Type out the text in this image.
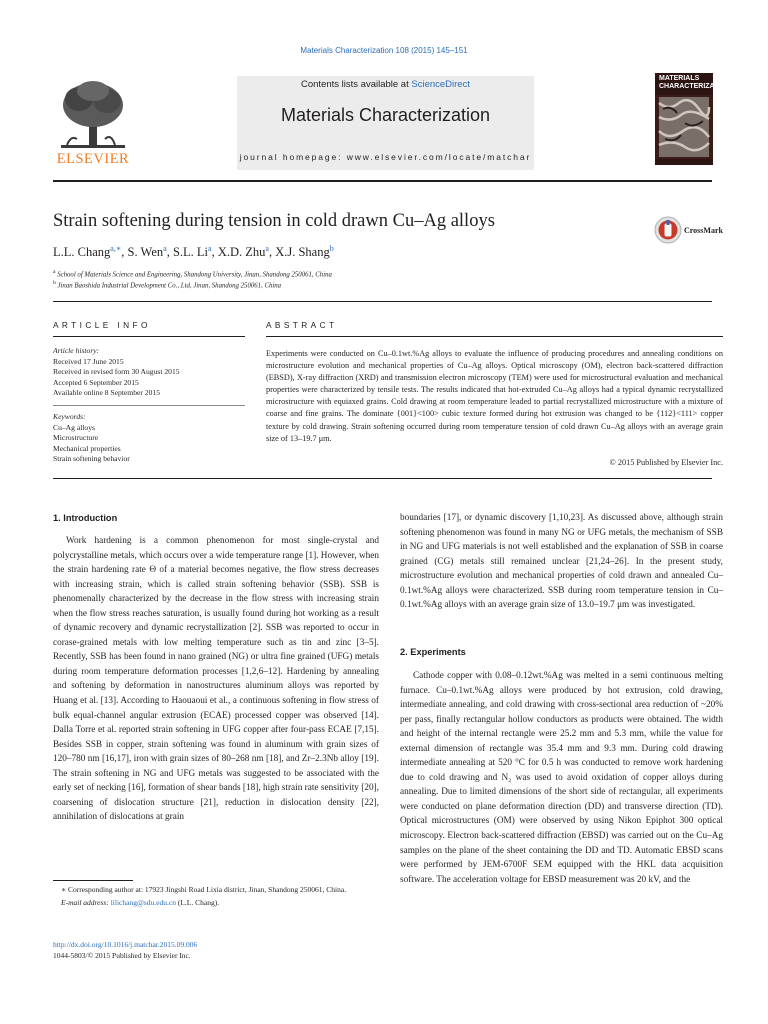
Materials Characterization 108 (2015) 145–151
ELSEVIER
Contents lists available at ScienceDirect
Materials Characterization
journal homepage: www.elsevier.com/locate/matchar
MATERIALS CHARACTERIZATION
Strain softening during tension in cold drawn Cu–Ag alloys	CrossMark
L.L. Chang$^{a,∗}$, S. Wen$^a$, S.L. Li$^a$, X.D. Zhu$^a$, X.J. Shang$^b$
$^a$ School of Materials Science and Engineering, Shandong University, Jinan, Shandong 250061, China
$^b$ Jinan Baoshida Industrial Development Co., Ltd, Jinan, Shandong 250061, China
ARTICLE INFO	ABSTRACT
Article history:
Received 17 June 2015
Received in revised form 30 August 2015
Accepted 6 September 2015
Available online 8 September 2015
Keywords:
Cu–Ag alloys
Microstructure
Mechanical properties
Strain softening behavior
Experiments were conducted on Cu–0.1wt.%Ag alloys to evaluate the influence of producing procedures and annealing conditions on microstructure evolution and mechanical properties of Cu–Ag alloys. Optical microscopy (OM), electron back-scattered diffraction (EBSD), X-ray diffraction (XRD) and transmission electron microscopy (TEM) were used for microstructural evaluation and mechanical properties were characterized by tensile tests. The results indicated that hot-extruded Cu–Ag alloys had a typical dynamic recrystallized microstructure with equiaxed grains. Cold drawing at room temperature leaded to partial recrystallized microstructure with a mixture of coarse and fine grains. The dominate {001}<100> cubic texture formed during hot extrusion was changed to be {112}<111> copper texture by cold drawing. Strain softening occurred during room temperature tension of cold drawn Cu–Ag alloys with an average grain size of 13–19.7 μm.
© 2015 Published by Elsevier Inc.
1. Introduction

Work hardening is a common phenomenon for most single-crystal and polycrystalline metals, which occurs over a wide temperature range [1]. However, when the strain hardening rate Θ of a material becomes negative, the flow stress decreases with increasing strain, which is called strain softening behavior (SSB). SSB is phenomenally characterized by the decrease in the flow stress with increasing strain when the flow stress reaches saturation, is usually found during hot working as a result of dynamic recovery and dynamic recrystallization [2]. SSB was reported to occur in corase-grained metals with low melting temperature such as tin and zinc [3–5]. Recently, SSB has been found in nano grained (NG) or ultra fine grained (UFG) metals during room temperature deformation processes [1,2,6–12]. Hardening by annealing and softening by deformation in nanostructures aluminum alloys was reported by Huang et al. [13]. According to Haouaoui et al., a continuous softening in flow stress of bulk equal-channel angular extrusion (ECAE) processed copper was observed [14]. Dalla Torre et al. reported strain softening in UFG copper after four-pass ECAE [7,15]. Besides SSB in copper, strain softening was found in aluminum with grain sizes of 120–780 nm [16,17], iron with grain sizes of 80–268 nm [18], and Zr–2.3Nb alloy [19]. The strain softening in NG and UFG metals was suggested to be associated with the early set of necking [16], formation of shear bands [18], high strain rate sensitivity [20], coarsening of dislocation structure [21], reduction in dislocation density [22], annihilation of dislocations at grain

∗ Corresponding author at: 17923 Jingshi Road Lixia district, Jinan, Shandong 250061, China.
E-mail address: lilichang@sdu.edu.cn (L.L. Chang).
http://dx.doi.org/10.1016/j.matchar.2015.09.006
1044-5803/© 2015 Published by Elsevier Inc.

boundaries [17], or dynamic discovery [1,10,23]. As discussed above, although strain softening phenomenon was found in many NG or UFG metals, the mechanism of SSB in NG and UFG materials is not well established and the explanation of SSB in coarse grained (CG) metals still remained unclear [21,24–26]. In the present study, microstructure evolution and mechanical properties of cold drawn and annealed Cu–0.1wt.%Ag alloys were characterized. SSB during room temperature tension in Cu–0.1wt.%Ag alloys with an average grain size of 13.0–19.7 μm was investigated.

2. Experiments

Cathode copper with 0.08–0.12wt.%Ag was melted in a semi continuous melting furnace. Cu–0.1wt.%Ag alloys were produced by hot extrusion, cold drawing, intermediate annealing, and cold drawing with cross-sectional area reduction of ~20% per pass, finally rectangular hollow conductors as products were obtained. The width and height of the internal rectangle were 25.2 mm and 5.3 mm, while the value for external dimension of rectangle was 35.4 mm and 9.3 mm. During cold drawing intermediate annealing at 520 °C for 0.5 h was conducted to remove work hardening due to cold drawing and N₂ was used to avoid oxidation of copper alloys during annealing. Due to limited dimensions of the short side of rectangular, all experiments were conducted on plane deformation direction (DD) and transverse direction (TD). Optical microstructures (OM) were observed by using Nikon Epiphot 300 optical microscopy. Electron back-scattered diffraction (EBSD) was carried out on the Cu–Ag samples on the plane of the sheet containing the DD and TD. Automatic EBSD scans were performed by JEM-6700F SEM equipped with the HKL data acquisition software. The acceleration voltage for EBSD measurement was 20 kV, and the
